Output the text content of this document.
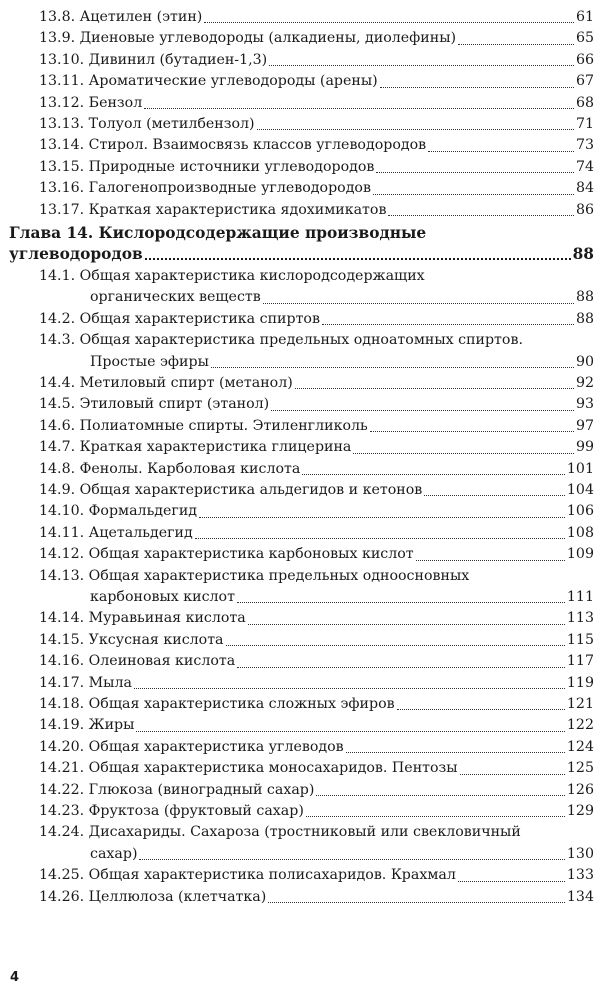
13.8. Ацетилен (этин)	61
13.9. Диеновые углеводороды (алкадиены, диолефины)	65
13.10. Дивинил (бутадиен-1,3)	66
13.11. Ароматические углеводороды (арены)	67
13.12. Бензол	68
13.13. Толуол (метилбензол)	71
13.14. Стирол. Взаимосвязь классов углеводородов	73
13.15. Природные источники углеводородов	74
13.16. Галогенопроизводные углеводородов	84
13.17. Краткая характеристика ядохимикатов	86
Глава 14. Кислородсодержащие производные
углеводородов	88
14.1. Общая характеристика кислородсодержащих
органических веществ	88
14.2. Общая характеристика спиртов	88
14.3. Общая характеристика предельных одноатомных спиртов.
Простые эфиры	90
14.4. Метиловый спирт (метанол)	92
14.5. Этиловый спирт (этанол)	93
14.6. Полиатомные спирты. Этиленгликоль	97
14.7. Краткая характеристика глицерина	99
14.8. Фенолы. Карболовая кислота	101
14.9. Общая характеристика альдегидов и кетонов	104
14.10. Формальдегид	106
14.11. Ацетальдегид	108
14.12. Общая характеристика карбоновых кислот	109
14.13. Общая характеристика предельных одноосновных
карбоновых кислот	111
14.14. Муравьиная кислота	113
14.15. Уксусная кислота	115
14.16. Олеиновая кислота	117
14.17. Мыла	119
14.18. Общая характеристика сложных эфиров	121
14.19. Жиры	122
14.20. Общая характеристика углеводов	124
14.21. Общая характеристика моносахаридов. Пентозы	125
14.22. Глюкоза (виноградный сахар)	126
14.23. Фруктоза (фруктовый сахар)	129
14.24. Дисахариды. Сахароза (тростниковый или свекловичный
сахар)	130
14.25. Общая характеристика полисахаридов. Крахмал	133
14.26. Целлюлоза (клетчатка)	134
4
